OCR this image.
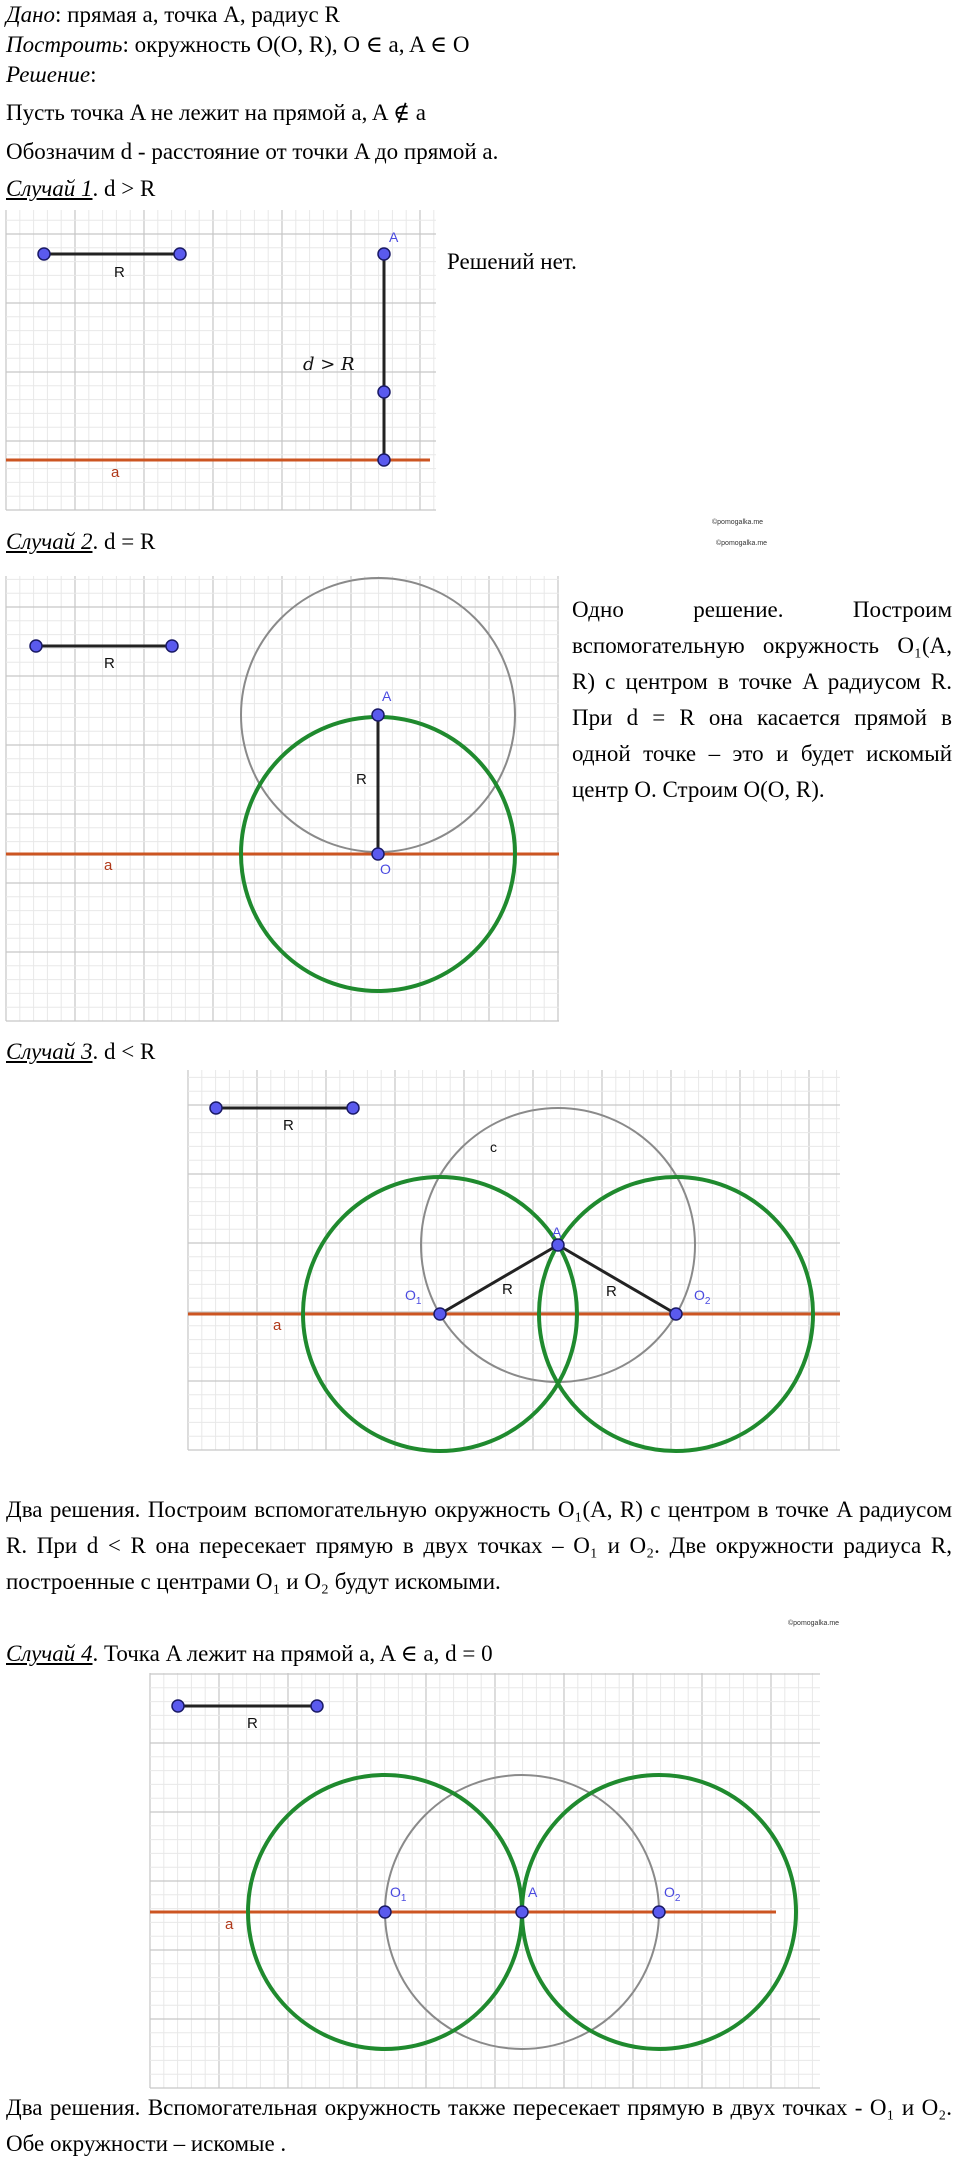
Дано: прямая a, точка A, радиус R
Построить: окружность O(O, R), O ∈ a, A ∈ O
Решение:
Пусть точка A не лежит на прямой a, A ∉ a
Обозначим d - расстояние от точки A до прямой a.
Случай 1. d > R
A
R
d > R
a
Решений нет.
©pomogalka.me
©pomogalka.me
Случай 2. d = R
A
O
R
R
a
Одно решение. Построим вспомогательную окружность O₁(A, R) с центром в точке A радиусом R. При d = R она касается прямой в одной точке – это и будет искомый центр O. Строим O(O, R).
Случай 3. d < R
A
$O_1$	$O_2$
R
R	R
c
a
Два решения. Построим вспомогательную окружность O₁(A, R) с центром в точке A радиусом R. При d < R она пересекает прямую в двух точках – O₁ и O₂. Две окружности радиуса R, построенные с центрами O₁ и O₂ будут искомыми.
©pomogalka.me
Случай 4. Точка A лежит на прямой a, A ∈ a, d = 0
$O_1$	A	$O_2$
R
a
Два решения. Вспомогательная окружность также пересекает прямую в двух точках - O₁ и O₂. Обе окружности – искомые .
